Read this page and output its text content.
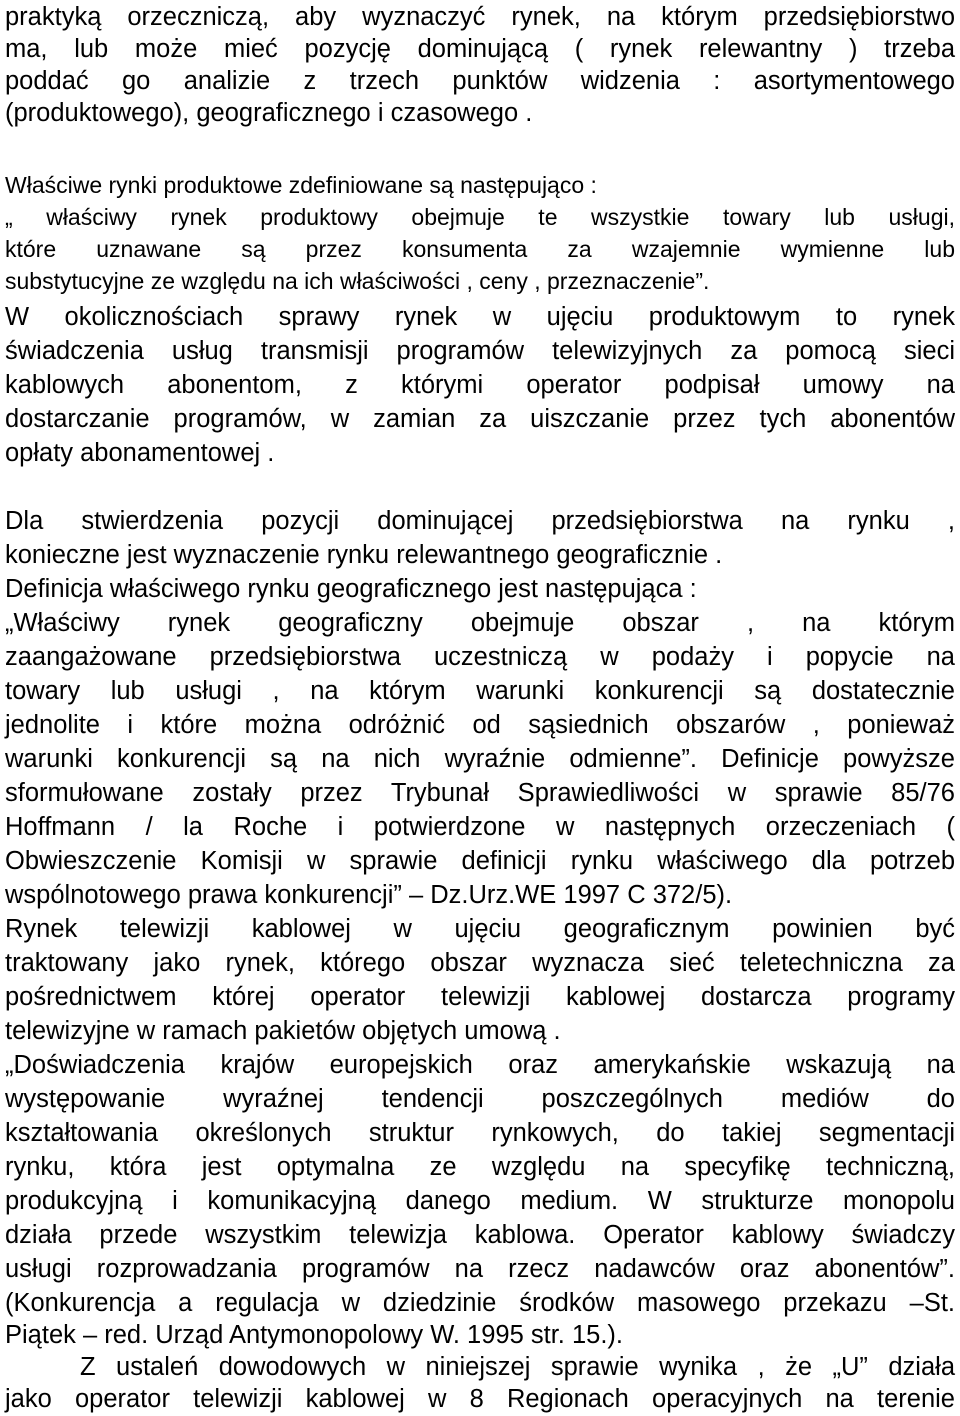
praktyką orzeczniczą, aby wyznaczyć rynek, na którym przedsiębiorstwo
ma, lub może mieć pozycję dominującą ( rynek relewantny ) trzeba
poddać go analizie z trzech punktów widzenia : asortymentowego
(produktowego), geograficznego i czasowego .
Właściwe rynki produktowe zdefiniowane są następująco :
„ właściwy rynek produktowy obejmuje te wszystkie towary lub usługi,
które uznawane są przez konsumenta za wzajemnie wymienne lub
substytucyjne ze względu na ich właściwości , ceny , przeznaczenie”.
W okolicznościach sprawy rynek w ujęciu produktowym to rynek
świadczenia usług transmisji programów telewizyjnych za pomocą sieci
kablowych abonentom, z którymi operator podpisał umowy na
dostarczanie programów, w zamian za uiszczanie przez tych abonentów
opłaty abonamentowej .
Dla stwierdzenia pozycji dominującej przedsiębiorstwa na rynku ,
konieczne jest wyznaczenie rynku relewantnego geograficznie .
Definicja właściwego rynku geograficznego jest następująca :
„Właściwy rynek geograficzny obejmuje obszar , na którym
zaangażowane przedsiębiorstwa uczestniczą w podaży i popycie na
towary lub usługi , na którym warunki konkurencji są dostatecznie
jednolite i które można odróżnić od sąsiednich obszarów , ponieważ
warunki konkurencji są na nich wyraźnie odmienne”. Definicje powyższe
sformułowane zostały przez Trybunał Sprawiedliwości w sprawie 85/76
Hoffmann / la Roche i potwierdzone w następnych orzeczeniach (
Obwieszczenie Komisji w sprawie definicji rynku właściwego dla potrzeb
wspólnotowego prawa konkurencji” – Dz.Urz.WE 1997 C 372/5).
Rynek telewizji kablowej w ujęciu geograficznym powinien być
traktowany jako rynek, którego obszar wyznacza sieć teletechniczna za
pośrednictwem której operator telewizji kablowej dostarcza programy
telewizyjne w ramach pakietów objętych umową .
„Doświadczenia krajów europejskich oraz amerykańskie wskazują na
występowanie wyraźnej tendencji poszczególnych mediów do
kształtowania określonych struktur rynkowych, do takiej segmentacji
rynku, która jest optymalna ze względu na specyfikę techniczną,
produkcyjną i komunikacyjną danego medium. W strukturze monopolu
działa przede wszystkim telewizja kablowa. Operator kablowy świadczy
usługi rozprowadzania programów na rzecz nadawców oraz abonentów”.
(Konkurencja a regulacja w dziedzinie środków masowego przekazu –St.
Piątek – red. Urząd Antymonopolowy W. 1995 str. 15.).
Z ustaleń dowodowych w niniejszej sprawie wynika , że „U” działa
jako operator telewizji kablowej w 8 Regionach operacyjnych na terenie
